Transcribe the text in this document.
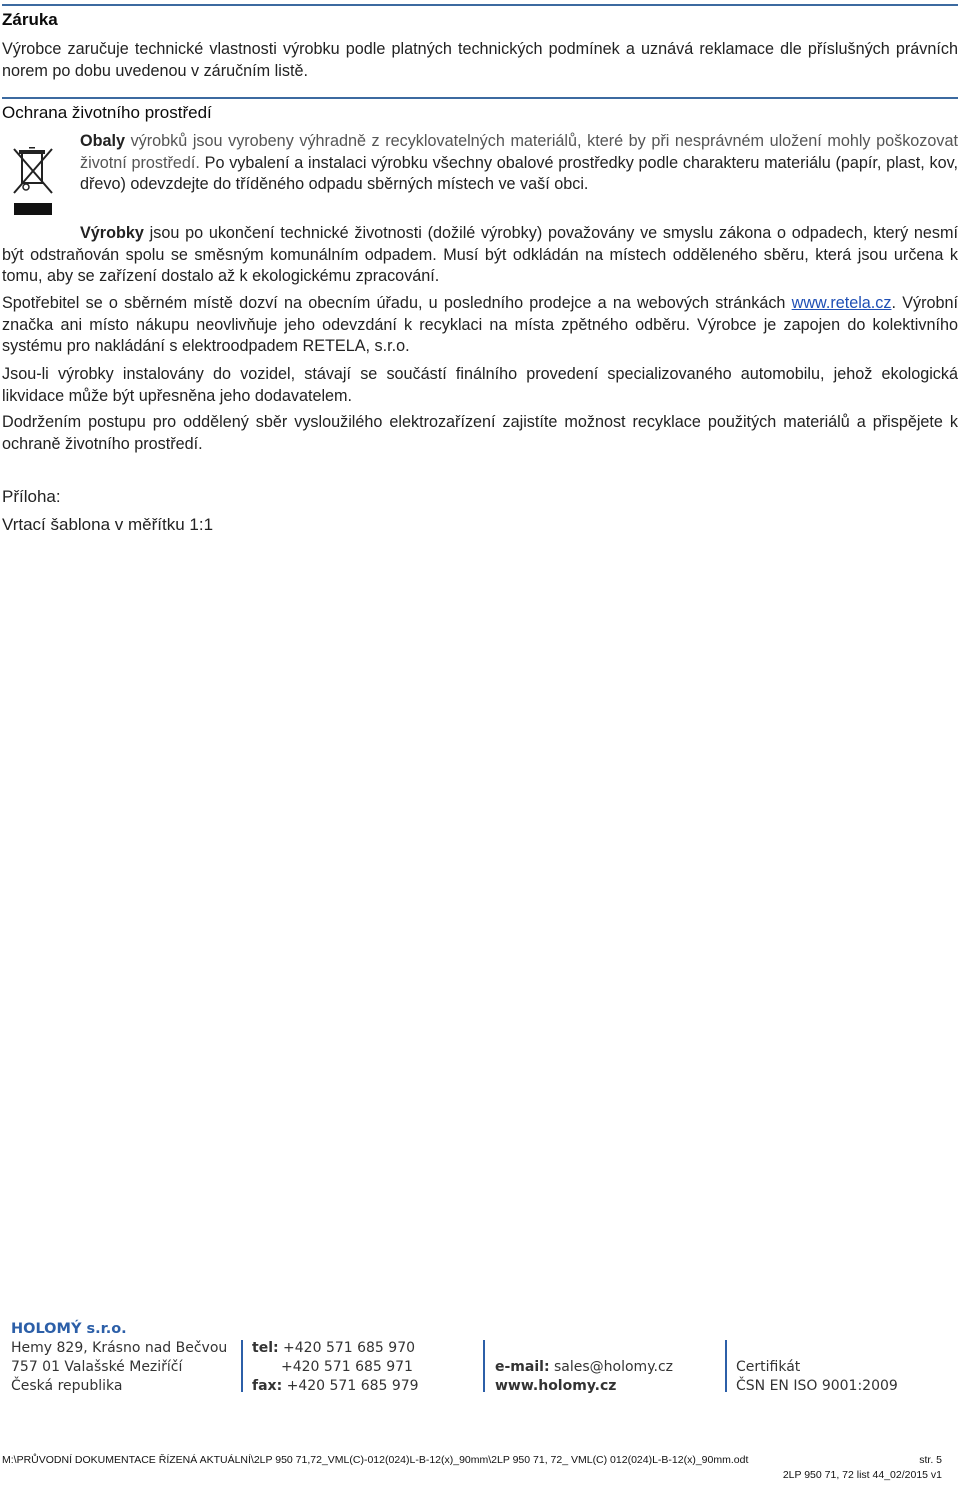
Záruka
Výrobce zaručuje technické vlastnosti výrobku podle platných technických podmínek a uznává reklamace dle příslušných právních norem po dobu uvedenou v záručním listě.
Ochrana životního prostředí
Obaly výrobků jsou vyrobeny výhradně z recyklovatelných materiálů, které by při nesprávném uložení mohly poškozovat životní prostředí. Po vybalení a instalaci výrobku všechny obalové prostředky podle charakteru materiálu (papír, plast, kov, dřevo) odevzdejte do tříděného odpadu sběrných místech ve vaší obci.
Výrobky jsou po ukončení technické životnosti (dožilé výrobky) považovány ve smyslu zákona o odpadech, který nesmí být odstraňován spolu se směsným komunálním odpadem. Musí být odkládán na místech odděleného sběru, která jsou určena k tomu, aby se zařízení dostalo až k ekologickému zpracování.
Spotřebitel se o sběrném místě dozví na obecním úřadu, u posledního prodejce a na webových stránkách www.retela.cz. Výrobní značka ani místo nákupu neovlivňuje jeho odevzdání k recyklaci na místa zpětného odběru. Výrobce je zapojen do kolektivního systému pro nakládání s elektroodpadem RETELA, s.r.o.
Jsou-li výrobky instalovány do vozidel, stávají se součástí finálního provedení specializovaného automobilu, jehož ekologická likvidace může být upřesněna jeho dodavatelem.
Dodržením postupu pro oddělený sběr vysloužilého elektrozařízení zajistíte možnost recyklace použitých materiálů a přispějete k ochraně životního prostředí.
Příloha:
Vrtací šablona v měřítku 1:1
HOLOMÝ s.r.o.
Hemy 829, Krásno nad Bečvou
757 01 Valašské Meziříčí
Česká republika
tel: +420 571 685 970
+420 571 685 971
fax: +420 571 685 979
e-mail: sales@holomy.cz
www.holomy.cz
Certifikát
ČSN EN ISO 9001:2009
M:\PRŮVODNÍ DOKUMENTACE ŘÍZENÁ AKTUÁLNÍ\2LP 950 71,72_VML(C)-012(024)L-B-12(x)_90mm\2LP 950 71, 72_ VML(C) 012(024)L-B-12(x)_90mm.odt	str. 5
2LP 950 71, 72 list 44_02/2015 v1
